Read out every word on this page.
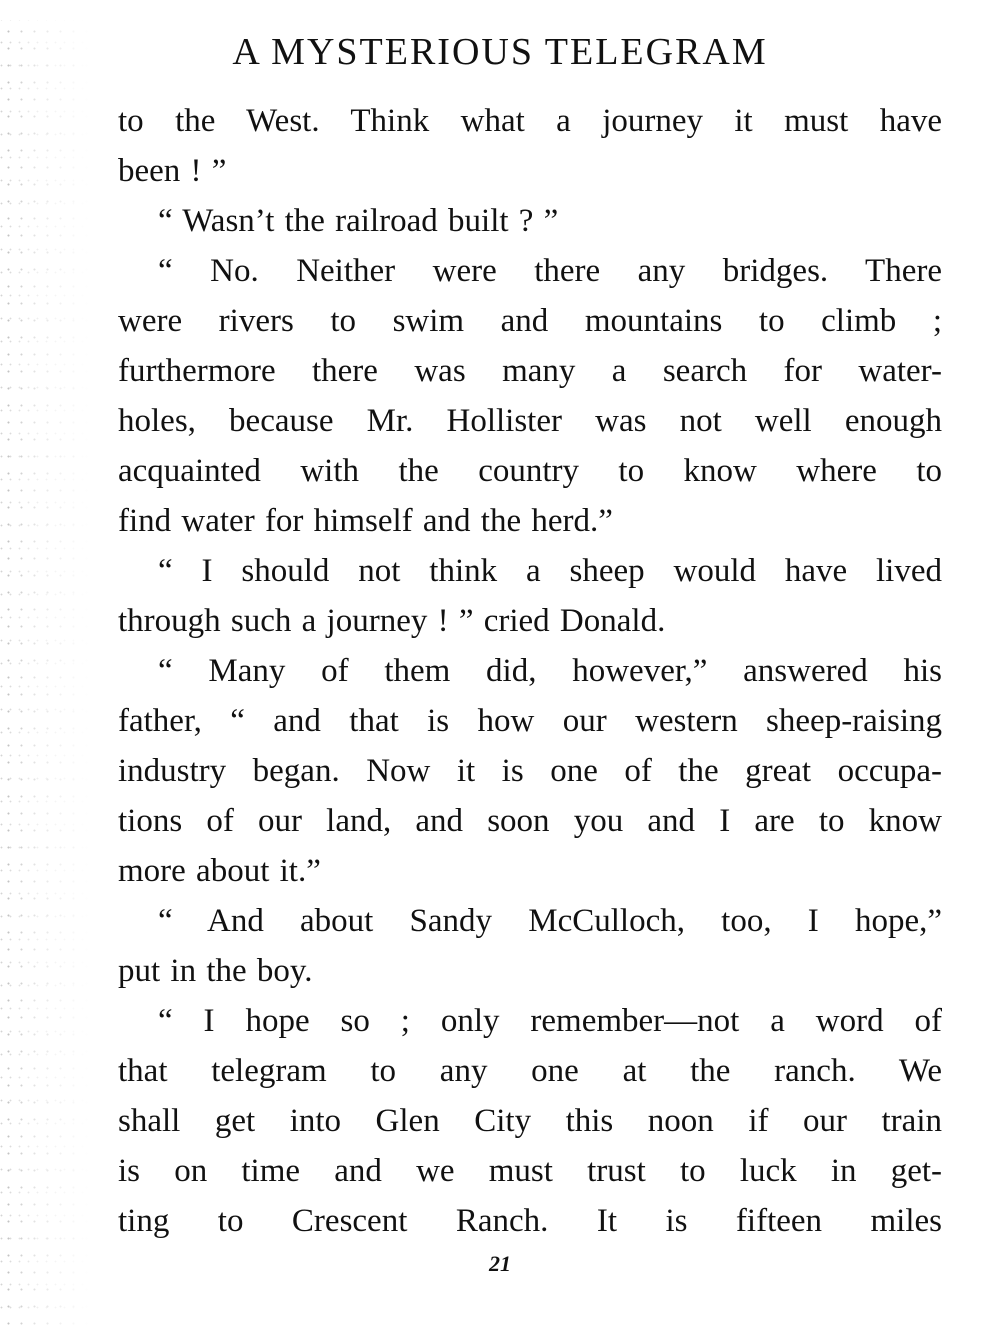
A MYSTERIOUS TELEGRAM
to the West. Think what a journey it must have
been ! ”
“ Wasn’t the railroad built ? ”
“ No. Neither were there any bridges. There
were rivers to swim and mountains to climb ;
furthermore there was many a search for water-
holes, because Mr. Hollister was not well enough
acquainted with the country to know where to
find water for himself and the herd.”
“ I should not think a sheep would have lived
through such a journey ! ” cried Donald.
“ Many of them did, however,” answered his
father, “ and that is how our western sheep-raising
industry began. Now it is one of the great occupa-
tions of our land, and soon you and I are to know
more about it.”
“ And about Sandy McCulloch, too, I hope,”
put in the boy.
“ I hope so ; only remember—not a word of
that telegram to any one at the ranch. We
shall get into Glen City this noon if our train
is on time and we must trust to luck in get-
ting to Crescent Ranch. It is fifteen miles
21
